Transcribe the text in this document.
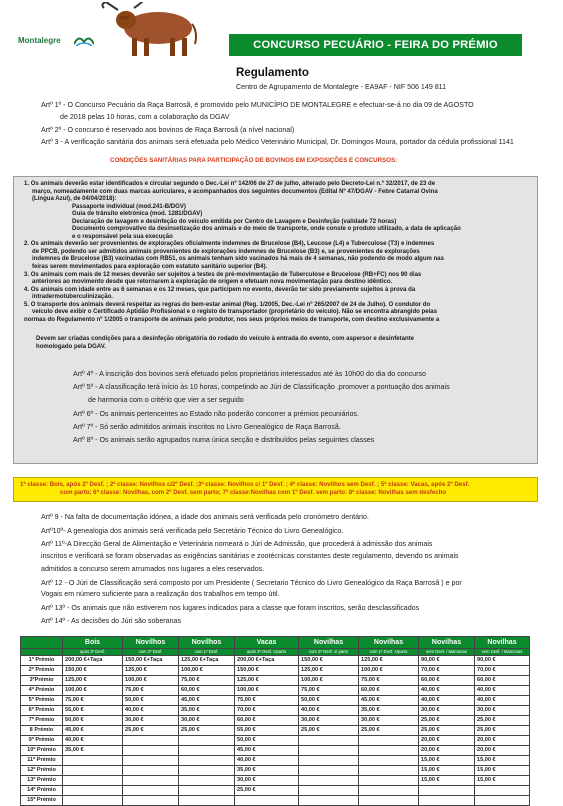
Montalegre	CONCURSO PECUÁRIO - FEIRA DO PRÉMIO
Regulamento
Centro de Agrupamento de Montalegre - EA9AF - NIF 506 149 811
Artº 1º - O Concurso Pecuário da Raça Barrosã, é promovido pelo MUNICÍPIO DE MONTALEGRE e efectuar-se-á no dia 09 de AGOSTO
de 2018 pelas 10 horas, com a colaboração da DGAV
Artº 2º - O concurso é reservado aos bovinos de Raça Barrosã (a nível nacional)
Artº 3 - A verificação sanitária dos animais será efetuada pelo Médico Veterinário Municipal, Dr. Domingos Moura, portador da cédula profissional 1141
CONDIÇÕES SANITÁRIAS PARA PARTICIPAÇÃO DE BOVINOS EM EXPOSIÇÕES E CONCURSOS:

1. Os animais deverão estar identificados e circular segundo o Dec.-Lei nº 142/06 de 27 de julho, alterado pelo Decreto-Lei n.º 32/2017, de 23 de

março, nomeadamente com duas marcas auriculares, e acompanhados dos seguintes documentos (Edital Nº 47/DGAV - Febre Catarral Ovina

(Língua Azul), de 04/04/2018):

Passaporte individual (mod.241-B/DGV)

Guia de trânsito eletrónica (mod. 1281/DGAV)

Declaração de lavagem e desinfeção do veículo emitida por Centro de Lavagem e Desinfeção (validade 72 horas)

Documento comprovativo da desinsetização dos animais e do meio de transporte, onde conste o produto utilizado, a data de aplicação

e o responsável pela sua execução

2. Os animais deverão ser provenientes de explorações oficialmente indemnes de Brucelose (B4), Leucose (L4) e Tuberculose (T3) e indemnes

de PPCB, podendo ser admitidos animais provenientes de explorações indemnes de Brucelose (B3) e, se provenientes de explorações

indemnes de Brucelose (B3) vacinadas com RB51, os animais tenham sido vacinados há mais de 4 semanas, não podendo de modo algum nas

feiras serem movimentados para exploração com estatuto sanitário superior (B4).

3. Os animais com mais de 12 meses deverão ser sujeitos a testes de pré-movimentação de Tuberculose e Brucelose (RB+FC) nos 90 dias

anteriores ao movimento desde que retornarem à exploração de origem e efetuam nova movimentação para destino idêntico.

4. Os animais com idade entre as 6 semanas e os 12 meses, que participem no evento, deverão ter sido previamente sujeitos à prova da

intradermotuberculinização.

5. O transporte dos animais deverá respeitar as regras do bem-estar animal (Reg. 1/2005, Dec.-Lei nº 265/2007 de 24 de Julho). O condutor do

veículo deve exibir o Certificado Aptidão Profissional e o registo de transportador (proprietário do veículo). Não se encontra abrangido pelas

normas do Regulamento nº 1/2005 o transporte de animais pelo produtor, nos seus próprios meios de transporte, com destino exclusivamente a

Devem ser criadas condições para a desinfeção obrigatória do rodado do veículo à entrada do evento, com aspersor e desinfetante

homologado pela DGAV.

Artº 4º - A inscrição dos bovinos será efetuado pelos proprietários interessados até às 10h00 do dia do concurso
Artº 5º - A classificação terá início às 10 horas, competindo ao Júri de Classificação ,promover a pontuação dos animais
de harmonia com o critério que vier a ser seguido
Artº 6º - Os animais pertencentes ao Estado não poderão concorrer a prémios pecuniários.
Artº 7º - Só serão admitidos animais inscritos no Livro Genealógico de Raça Barrosã.
Artº 8º - Os animais serão agrupados numa única secção e distribuídos pelas seguintes classes
1ª classe: Bois, após 2º Desf. ; 2ª classe: Novilhos c/2º Desf. ;3ª classe: Novilhos c/ 1º Desf. ; 4ª classe: Novilhos sem Desf. ; 5ª classe: Vacas, após 2º Desf.
com parto; 6ª classe: Novilhas, com 2º Desf. sem parto; 7ª classe:Novilhas com 1º Desf. sem parto: 8ª classe: Novilhas sem desfecho
Artº 9 - Na falta de documentação idónea, a idade dos animais será verificada pelo cronómetro dentário.
Artº10º- A genealogia dos animais será verificada pelo Secretário Técnico do Livro Genealógico.
Artº 11º-A Direcção Geral de Alimentação e Veterinária nomeará o Júri de Admissão, que procederá à admissão dos animais
inscritos e verificará se foram observadas as exigências sanitárias e zootécnicas constantes deste regulamento, devendo os animais
admitidos a concurso serem arrumados nos lugares a eles reservados.
Artº 12 - O Júri de Classificação será composto por um Presidente ( Secretario Técnico do Livro Genealógico da Raça Barrosã ) e por
Vogais em número suficiente para a realização dos trabalhos em tempo útil.
Artº 13º - Os animais que não estiverem nos lugares indicados para a classe que foram inscritos, serão desclassificados
Artº 14º - As decisões do Júri são soberanas
	Bois	Novilhos	Novilhos	Vacas	Novilhas	Novilhas	Novilhas	Novilhas
	após 2º Desf.	com 2º Desf.	com 1º Desf.	após 2º Desf. c/parto	com 2º Desf. s/ parto	com 1º Desf. s/parto	sem Desf. / Mamonas	sem Desf. / Mamonas
1º Prémio	200,00 €+Taça	150,00 €+Taça	125,00 €+Taça	200,00 €+Taça	150,00 €	125,00 €	90,00 €	90,00 €
2º Prémio	150,00 €	125,00 €	100,00 €	150,00 €	125,00 €	100,00 €	70,00 €	70,00 €
3ºPrémio	125,00 €	100,00 €	75,00 €	125,00 €	100,00 €	75,00 €	60,00 €	60,00 €
4º Prémio	100,00 €	75,00 €	60,00 €	100,00 €	75,00 €	60,00 €	40,00 €	40,00 €
5º Prémio	75,00 €	50,00 €	45,00 €	75,00 €	50,00 €	45,00 €	40,00 €	40,00 €
6º Prémio	55,00 €	40,00 €	35,00 €	70,00 €	40,00 €	35,00 €	30,00 €	30,00 €
7º Prémio	50,00 €	30,00 €	30,00 €	60,00 €	30,00 €	30,00 €	25,00 €	25,00 €
8 Prémio	45,00 €	25,00 €	25,00 €	55,00 €	25,00 €	25,00 €	25,00 €	25,00 €
9º Prémio	40,00 €			50,00 €			20,00 €	20,00 €
10º Prémio	35,00 €			45,00 €			20,00 €	20,00 €
11º Prémio				40,00 €			15,00 €	15,00 €
12º Prémio				35,00 €			15,00 €	15,00 €
13º Prémio				30,00 €			15,00 €	15,00 €
14º Prémio				25,00 €				
15º Prémio								
